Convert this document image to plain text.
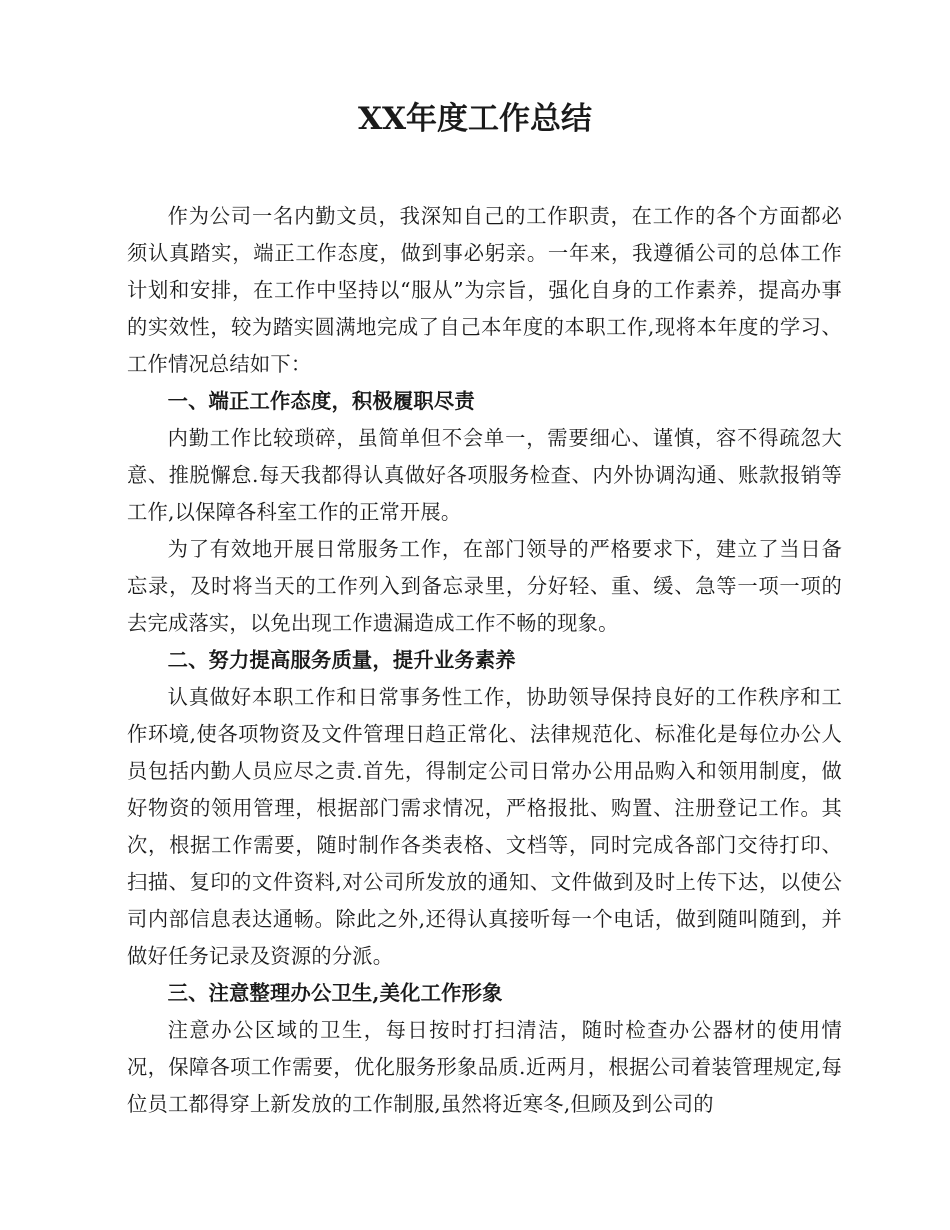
XX年度工作总结

作为公司一名内勤文员，我深知自己的工作职责，在工作的各个方面都必须认真踏实，端正工作态度，做到事必躬亲。一年来，我遵循公司的总体工作计划和安排，在工作中坚持以“服从”为宗旨，强化自身的工作素养，提高办事的实效性，较为踏实圆满地完成了自己本年度的本职工作,现将本年度的学习、工作情况总结如下：

一、端正工作态度，积极履职尽责

内勤工作比较琐碎，虽简单但不会单一，需要细心、谨慎，容不得疏忽大意、推脱懈怠.每天我都得认真做好各项服务检查、内外协调沟通、账款报销等工作,以保障各科室工作的正常开展。

为了有效地开展日常服务工作，在部门领导的严格要求下，建立了当日备忘录，及时将当天的工作列入到备忘录里，分好轻、重、缓、急等一项一项的去完成落实，以免出现工作遗漏造成工作不畅的现象。

二、努力提高服务质量，提升业务素养

认真做好本职工作和日常事务性工作，协助领导保持良好的工作秩序和工作环境,使各项物资及文件管理日趋正常化、法律规范化、标准化是每位办公人员包括内勤人员应尽之责.首先，得制定公司日常办公用品购入和领用制度，做好物资的领用管理，根据部门需求情况，严格报批、购置、注册登记工作。其次，根据工作需要，随时制作各类表格、文档等，同时完成各部门交待打印、扫描、复印的文件资料,对公司所发放的通知、文件做到及时上传下达，以使公司内部信息表达通畅。除此之外,还得认真接听每一个电话，做到随叫随到，并做好任务记录及资源的分派。

三、注意整理办公卫生,美化工作形象

注意办公区域的卫生，每日按时打扫清洁，随时检查办公器材的使用情况，保障各项工作需要，优化服务形象品质.近两月，根据公司着装管理规定,每位员工都得穿上新发放的工作制服,虽然将近寒冬,但顾及到公司的
